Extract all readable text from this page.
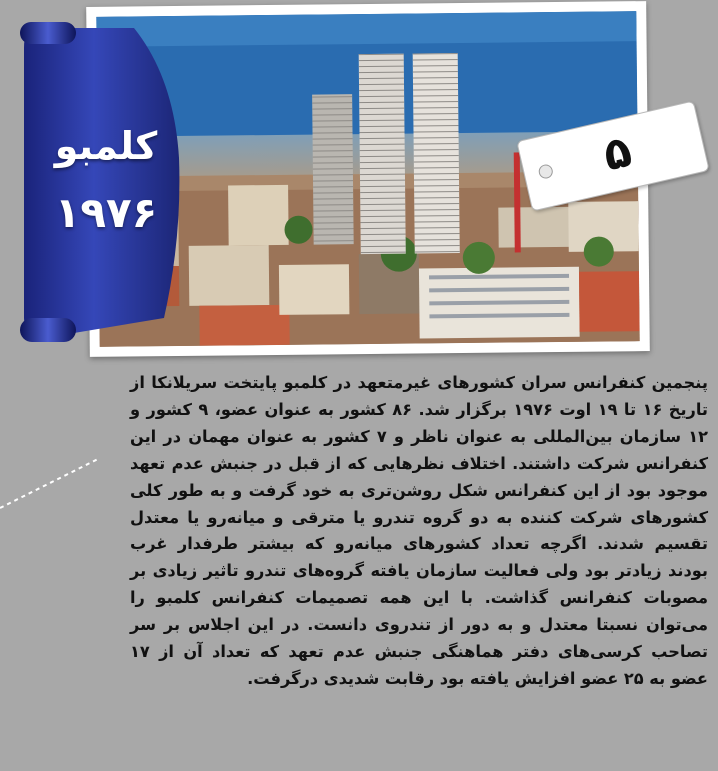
کلمبو
۱۹۷۶
۵
پنجمین کنفرانس سران کشورهای غیرمتعهد در کلمبو پایتخت سریلانکا از تاریخ ۱۶ تا ۱۹ اوت ۱۹۷۶ برگزار شد. ۸۶ کشور به عنوان عضو، ۹ کشور و ۱۲ سازمان بین‌المللی به عنوان ناظر و ۷ کشور به عنوان مهمان در این کنفرانس شرکت داشتند. اختلاف نظرهایی که از قبل در جنبش عدم تعهد موجود بود از این کنفرانس شکل روشن‌تری به خود گرفت و به طور کلی کشورهای شرکت کننده به دو گروه تندرو یا مترقی و میانه‌رو یا معتدل تقسیم شدند. اگرچه تعداد کشورهای میانه‌رو که بیشتر طرفدار غرب بودند زیادتر بود ولی فعالیت سازمان یافته گروه‌های تندرو تاثیر زیادی بر مصوبات کنفرانس گذاشت. با این همه تصمیمات کنفرانس کلمبو را می‌توان نسبتا معتدل و به دور از تندروی دانست. در این اجلاس بر سر تصاحب کرسی‌های دفتر هماهنگی جنبش عدم تعهد که تعداد آن از ۱۷ عضو به ۲۵ عضو افزایش یافته بود رقابت شدیدی درگرفت.
